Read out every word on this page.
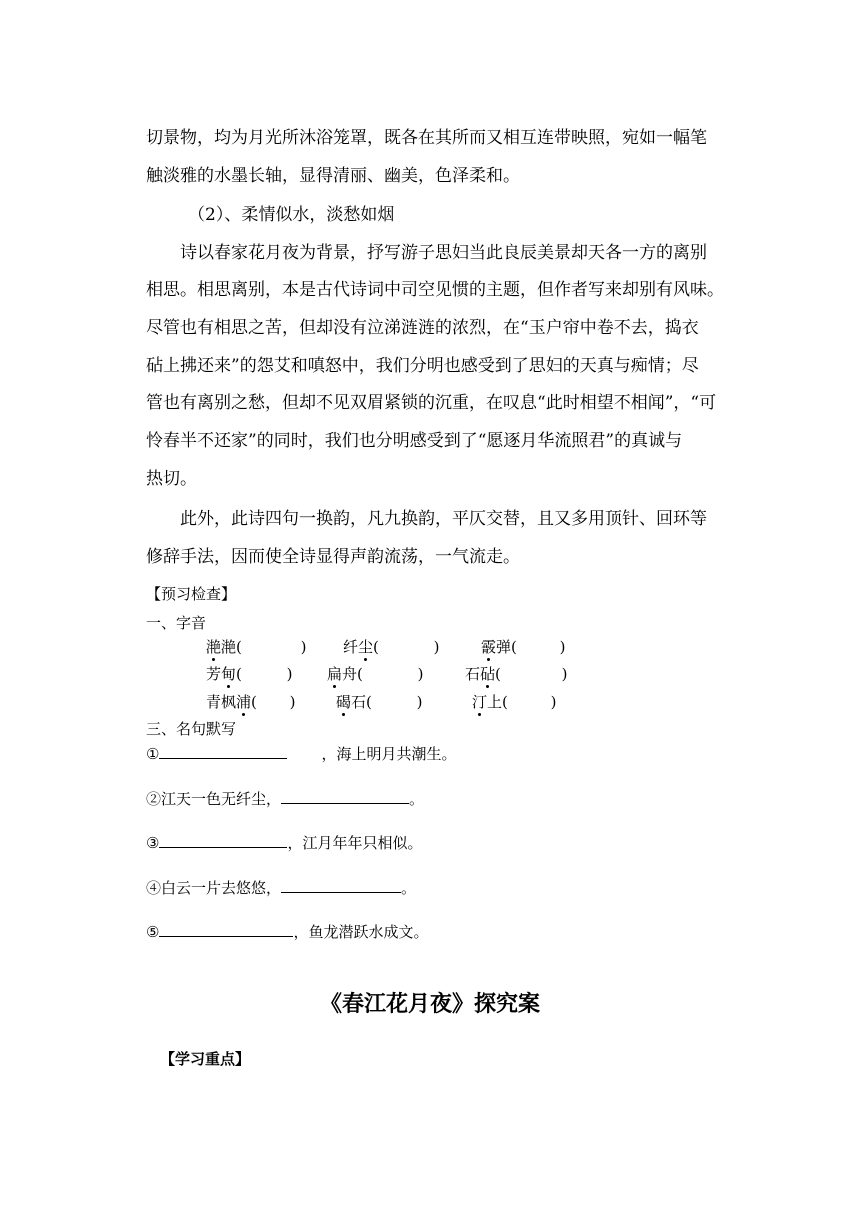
切景物，均为月光所沐浴笼罩，既各在其所而又相互连带映照，宛如一幅笔
触淡雅的水墨长轴，显得清丽、幽美，色泽柔和。
（2）、柔情似水，淡愁如烟
诗以春家花月夜为背景，抒写游子思妇当此良辰美景却天各一方的离别
相思。相思离别，本是古代诗词中司空见惯的主题，但作者写来却别有风味。
尽管也有相思之苦，但却没有泣涕涟涟的浓烈，在“玉户帘中卷不去，捣衣
砧上拂还来”的怨艾和嗔怒中，我们分明也感受到了思妇的天真与痴情；尽
管也有离别之愁，但却不见双眉紧锁的沉重，在叹息“此时相望不相闻”，“可
怜春半不还家”的同时，我们也分明感受到了“愿逐月华流照君”的真诚与
热切。
此外，此诗四句一换韵，凡九换韵，平仄交替，且又多用顶针、回环等
修辞手法，因而使全诗显得声韵流荡，一气流走。
【预习检查】
一、字音
滟滟(	) 纤尘(	)	霰弹(	)
芳甸(	) 扁舟(	)	石砧(	)
青枫浦( )	碣石(	)	汀上(	)
三、名句默写
①	，海上明月共潮生。
②江天一色无纤尘，	。
③	，江月年年只相似。
④白云一片去悠悠，	。
⑤	，鱼龙潜跃水成文。
《春江花月夜》探究案
【学习重点】
